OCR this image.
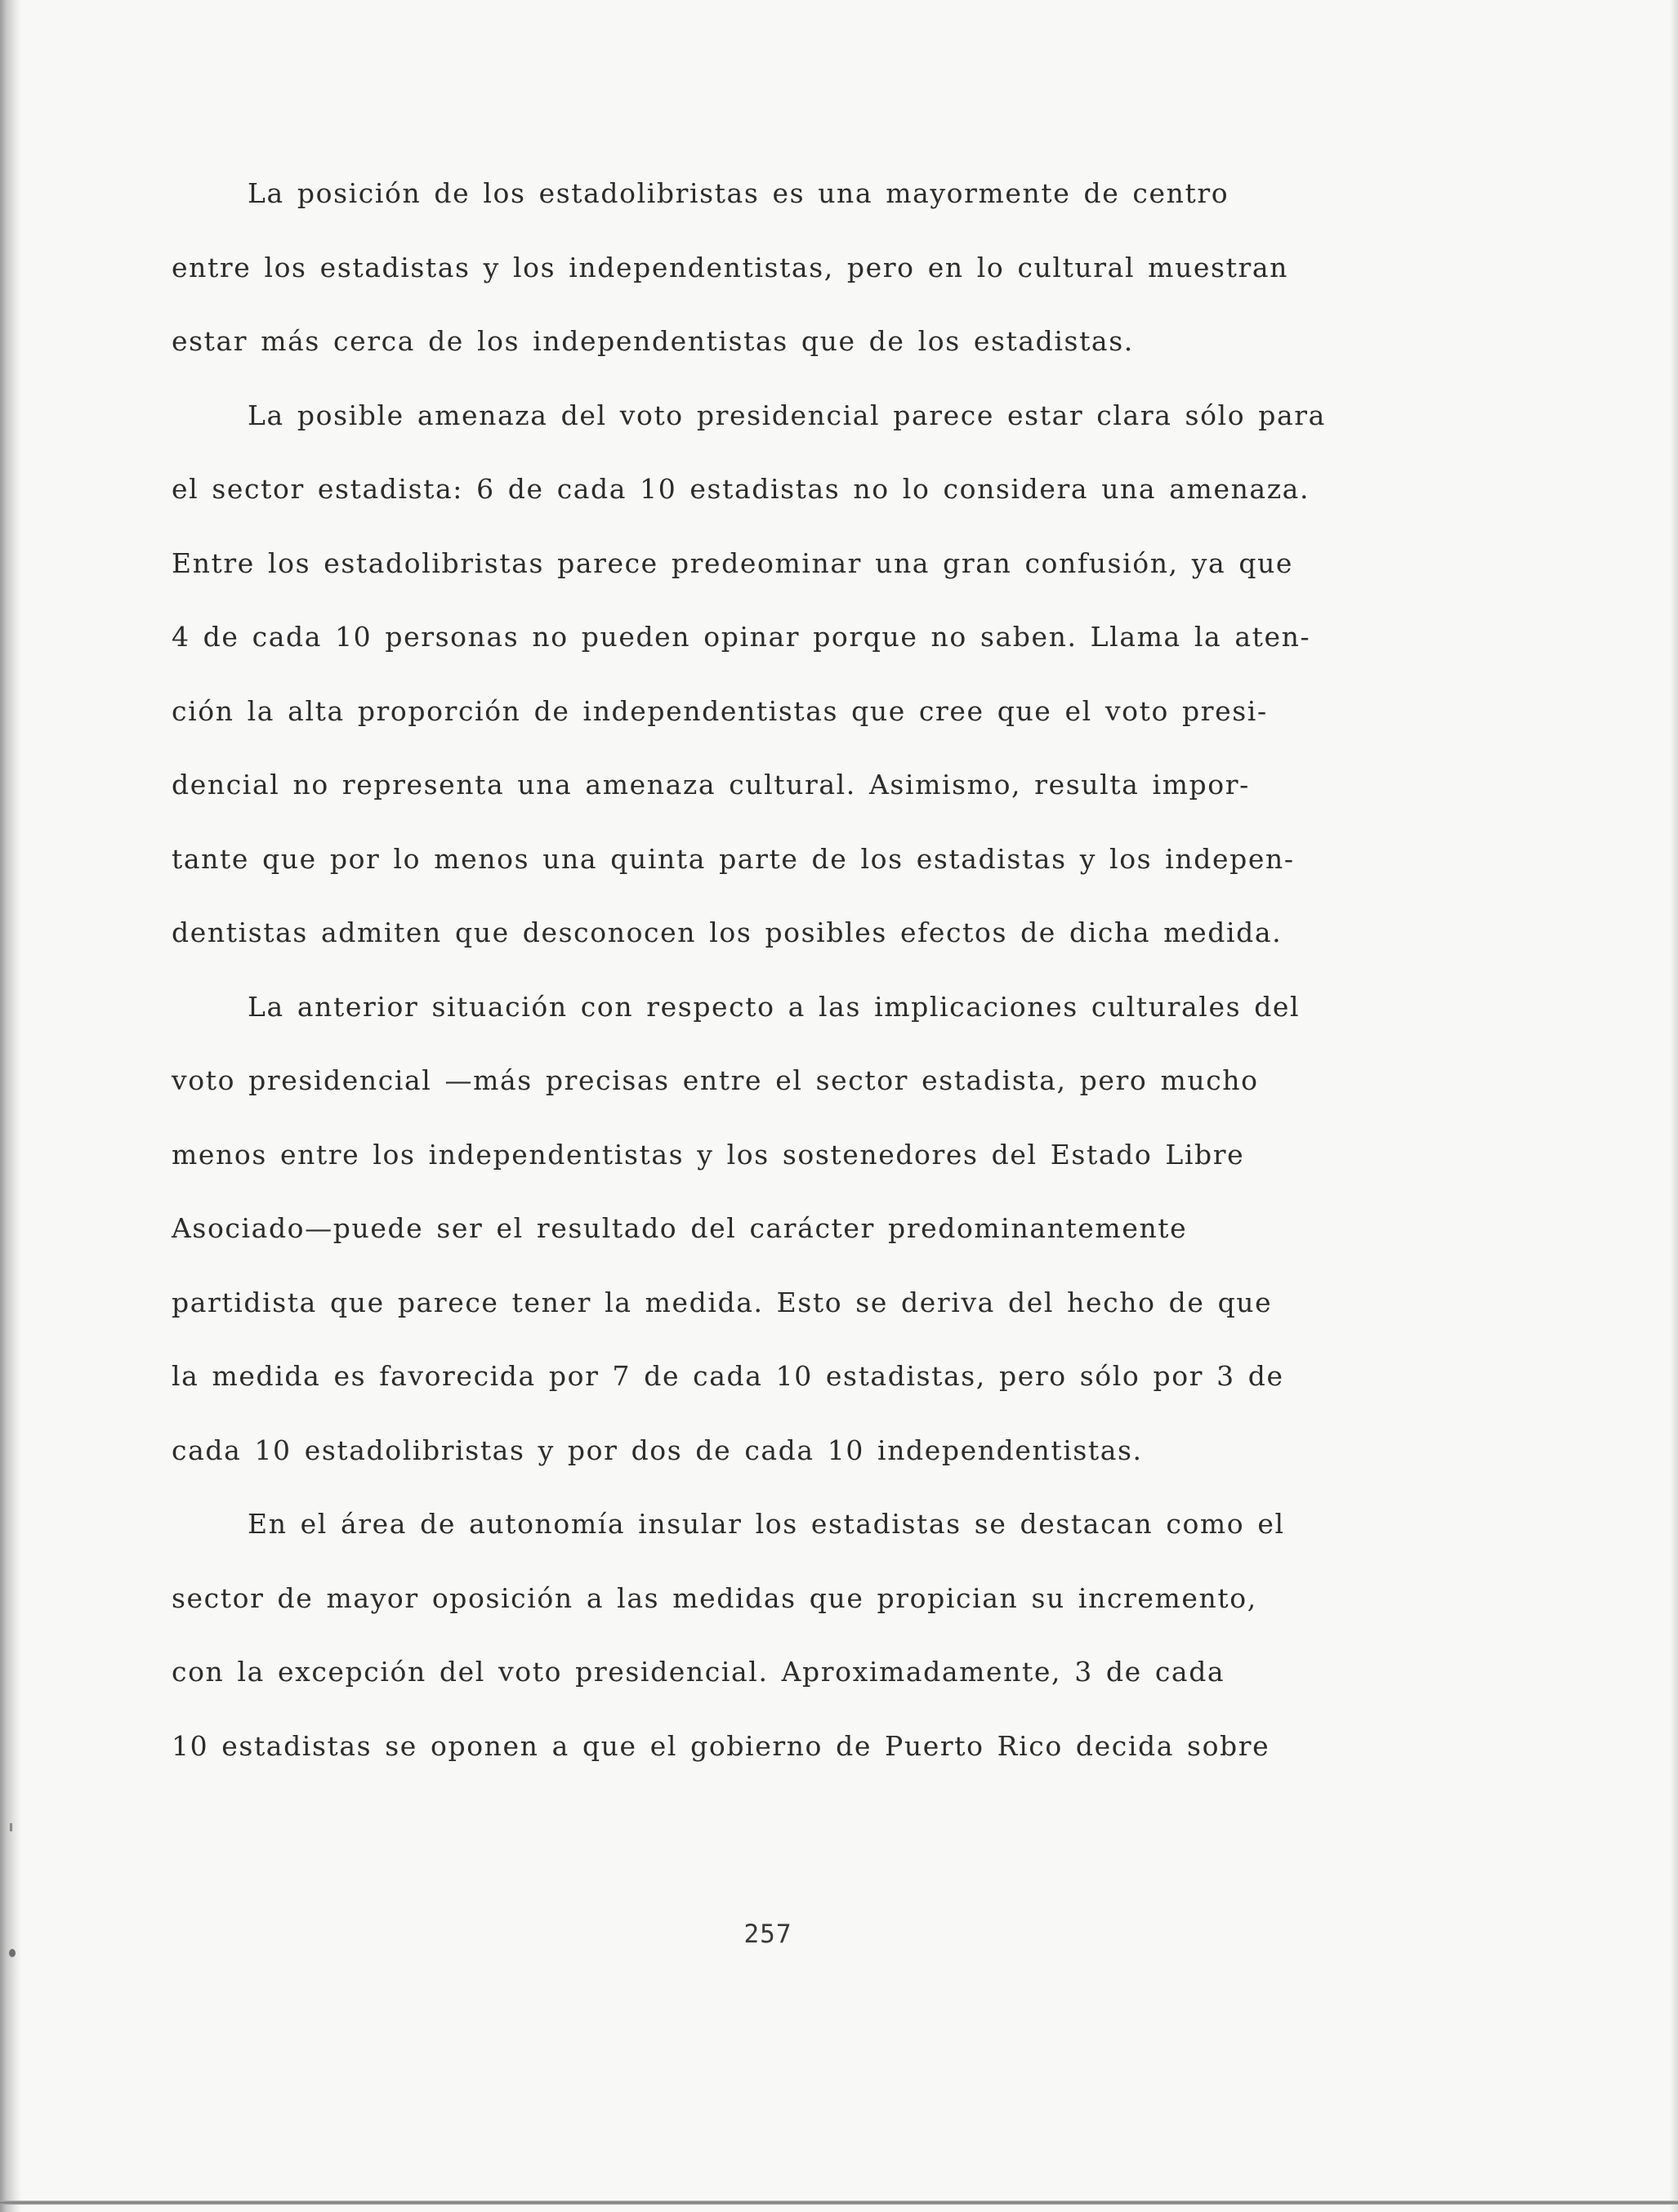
La posición de los estadolibristas es una mayormente de centro
entre los estadistas y los independentistas, pero en lo cultural muestran
estar más cerca de los independentistas que de los estadistas.
La posible amenaza del voto presidencial parece estar clara sólo para
el sector estadista: 6 de cada 10 estadistas no lo considera una amenaza.
Entre los estadolibristas parece predeominar una gran confusión, ya que
4 de cada 10 personas no pueden opinar porque no saben. Llama la aten-
ción la alta proporción de independentistas que cree que el voto presi-
dencial no representa una amenaza cultural. Asimismo, resulta impor-
tante que por lo menos una quinta parte de los estadistas y los indepen-
dentistas admiten que desconocen los posibles efectos de dicha medida.
La anterior situación con respecto a las implicaciones culturales del
voto presidencial —más precisas entre el sector estadista, pero mucho
menos entre los independentistas y los sostenedores del Estado Libre
Asociado—puede ser el resultado del carácter predominantemente
partidista que parece tener la medida. Esto se deriva del hecho de que
la medida es favorecida por 7 de cada 10 estadistas, pero sólo por 3 de
cada 10 estadolibristas y por dos de cada 10 independentistas.
En el área de autonomía insular los estadistas se destacan como el
sector de mayor oposición a las medidas que propician su incremento,
con la excepción del voto presidencial. Aproximadamente, 3 de cada
10 estadistas se oponen a que el gobierno de Puerto Rico decida sobre
257
